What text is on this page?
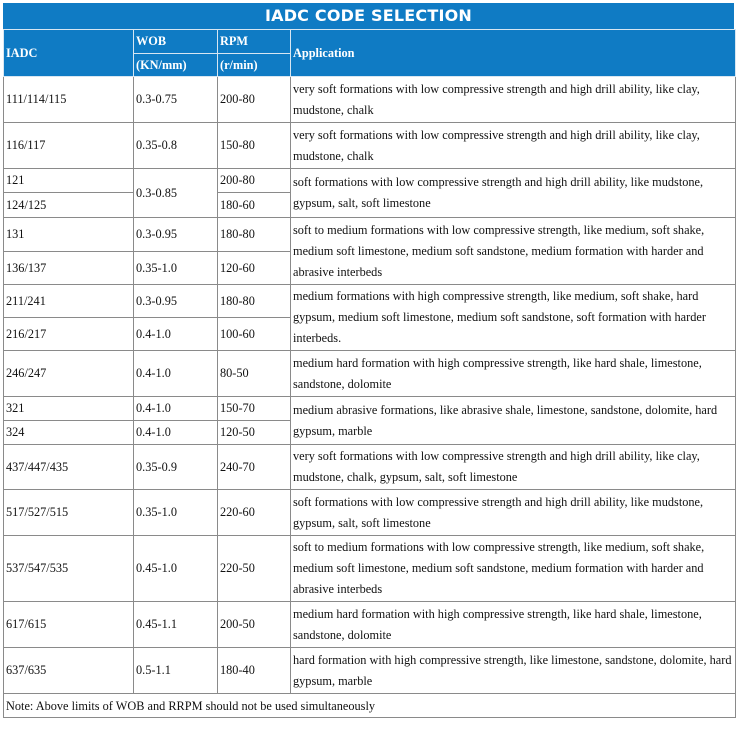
IADC CODE SELECTION
IADC	WOB	RPM	Application
	(KN/mm)	(r/min)	
111/114/115	0.3-0.75	200-80	very soft formations with low compressive strength and high drill ability, like clay, mudstone, chalk
116/117	0.35-0.8	150-80	very soft formations with low compressive strength and high drill ability, like clay, mudstone, chalk
121	0.3-0.85	200-80	soft formations with low compressive strength and high drill ability, like mudstone, gypsum, salt, soft limestone
124/125		180-60	
131	0.3-0.95	180-80	soft to medium formations with low compressive strength, like medium, soft shake, medium soft limestone, medium soft sandstone, medium formation with harder and abrasive interbeds
136/137	0.35-1.0	120-60	
211/241	0.3-0.95	180-80	medium formations with high compressive strength, like medium, soft shake, hard gypsum, medium soft limestone, medium soft sandstone, soft formation with harder interbeds.
216/217	0.4-1.0	100-60	
246/247	0.4-1.0	80-50	medium hard formation with high compressive strength, like hard shale, limestone, sandstone, dolomite
321	0.4-1.0	150-70	medium abrasive formations, like abrasive shale, limestone, sandstone, dolomite, hard gypsum, marble
324	0.4-1.0	120-50	
437/447/435	0.35-0.9	240-70	very soft formations with low compressive strength and high drill ability, like clay, mudstone, chalk, gypsum, salt, soft limestone
517/527/515	0.35-1.0	220-60	soft formations with low compressive strength and high drill ability, like mudstone, gypsum, salt, soft limestone
537/547/535	0.45-1.0	220-50	soft to medium formations with low compressive strength, like medium, soft shake, medium soft limestone, medium soft sandstone, medium formation with harder and abrasive interbeds
617/615	0.45-1.1	200-50	medium hard formation with high compressive strength, like hard shale, limestone, sandstone, dolomite
637/635	0.5-1.1	180-40	hard formation with high compressive strength, like limestone, sandstone, dolomite, hard gypsum, marble
Note: Above limits of WOB and RRPM should not be used simultaneously			
